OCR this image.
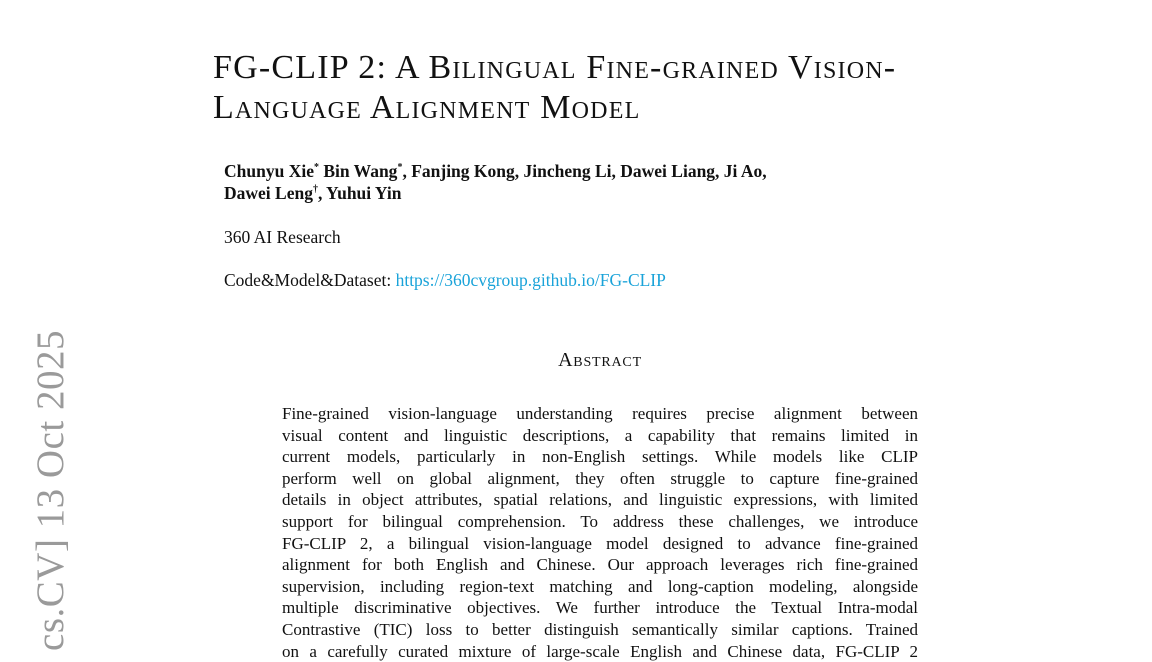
cs.CV] 13 Oct 2025
FG-CLIP 2: A Bilingual Fine-grained Vision-
Language Alignment Model
Chunyu Xie* Bin Wang*, Fanjing Kong, Jincheng Li, Dawei Liang, Ji Ao,
Dawei Leng†, Yuhui Yin
360 AI Research
Code&Model&Dataset: https://360cvgroup.github.io/FG-CLIP
Abstract
Fine-grained vision-language understanding requires precise alignment between
visual content and linguistic descriptions, a capability that remains limited in
current models, particularly in non-English settings. While models like CLIP
perform well on global alignment, they often struggle to capture fine-grained
details in object attributes, spatial relations, and linguistic expressions, with limited
support for bilingual comprehension. To address these challenges, we introduce
FG-CLIP 2, a bilingual vision-language model designed to advance fine-grained
alignment for both English and Chinese. Our approach leverages rich fine-grained
supervision, including region-text matching and long-caption modeling, alongside
multiple discriminative objectives. We further introduce the Textual Intra-modal
Contrastive (TIC) loss to better distinguish semantically similar captions. Trained
on a carefully curated mixture of large-scale English and Chinese data, FG-CLIP 2
